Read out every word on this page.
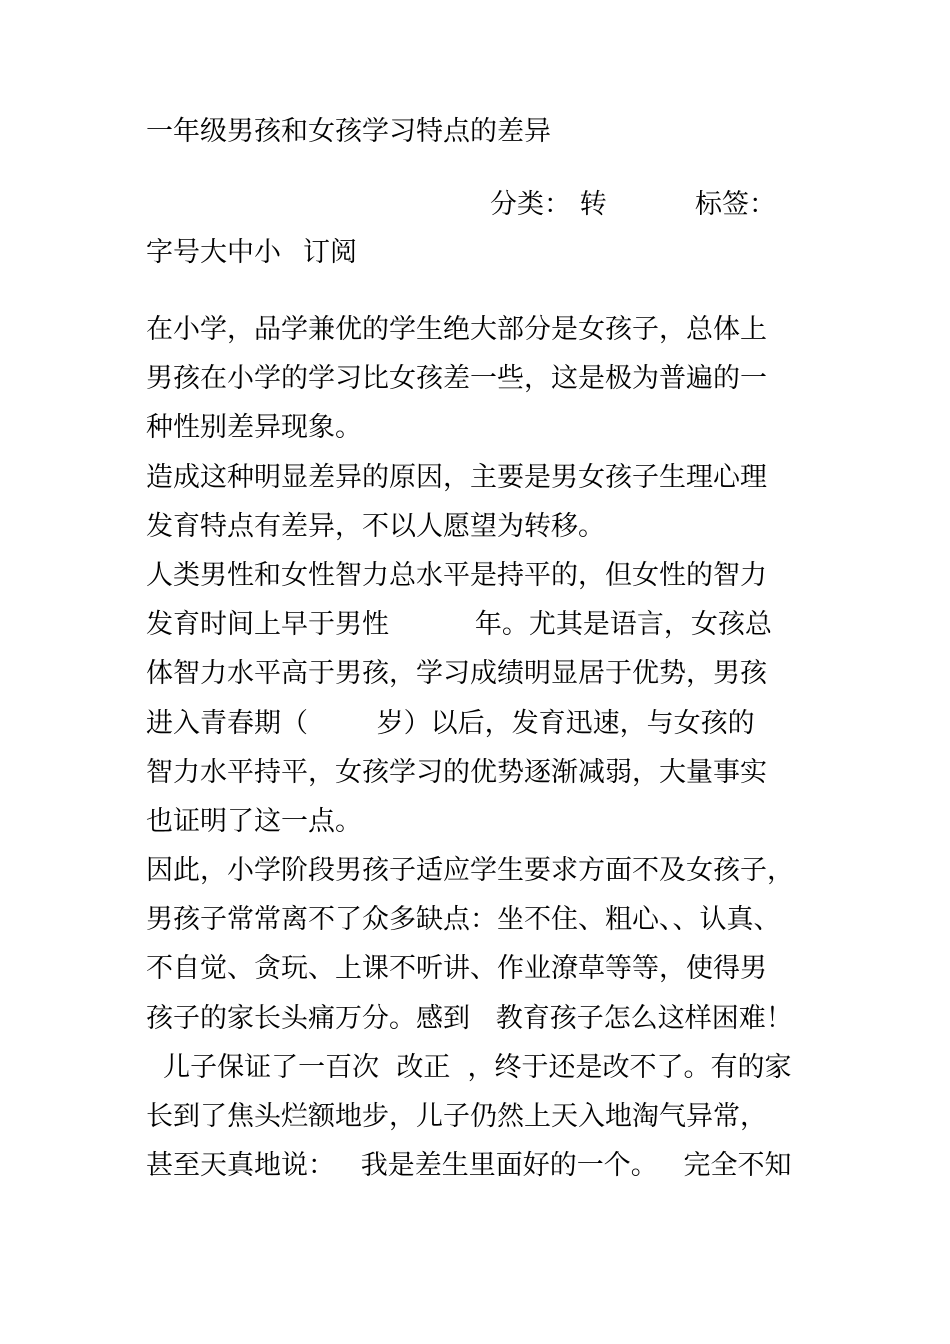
一年级男孩和女孩学习特点的差异
分类： 转	标签：
字号大中小 订阅
在小学，品学兼优的学生绝大部分是女孩子，总体上
男孩在小学的学习比女孩差一些，这是极为普遍的一
种性别差异现象。
造成这种明显差异的原因，主要是男女孩子生理心理
发育特点有差异，不以人愿望为转移。
人类男性和女性智力总水平是持平的，但女性的智力
发育时间上早于男性          年。尤其是语言，女孩总
体智力水平高于男孩，学习成绩明显居于优势，男孩
进入青春期（        岁）以后，发育迅速，与女孩的
智力水平持平，女孩学习的优势逐渐减弱，大量事实
也证明了这一点。
因此，小学阶段男孩子适应学生要求方面不及女孩子，
男孩子常常离不了众多缺点：坐不住、粗心、、认真、
不自觉、贪玩、上课不听讲、作业潦草等等，使得男
孩子的家长头痛万分。感到   教育孩子怎么这样困难！
儿子保证了一百次  改正  ，终于还是改不了。有的家
长到了焦头烂额地步，儿子仍然上天入地淘气异常，
甚至天真地说：   我是差生里面好的一个。   完全不知
